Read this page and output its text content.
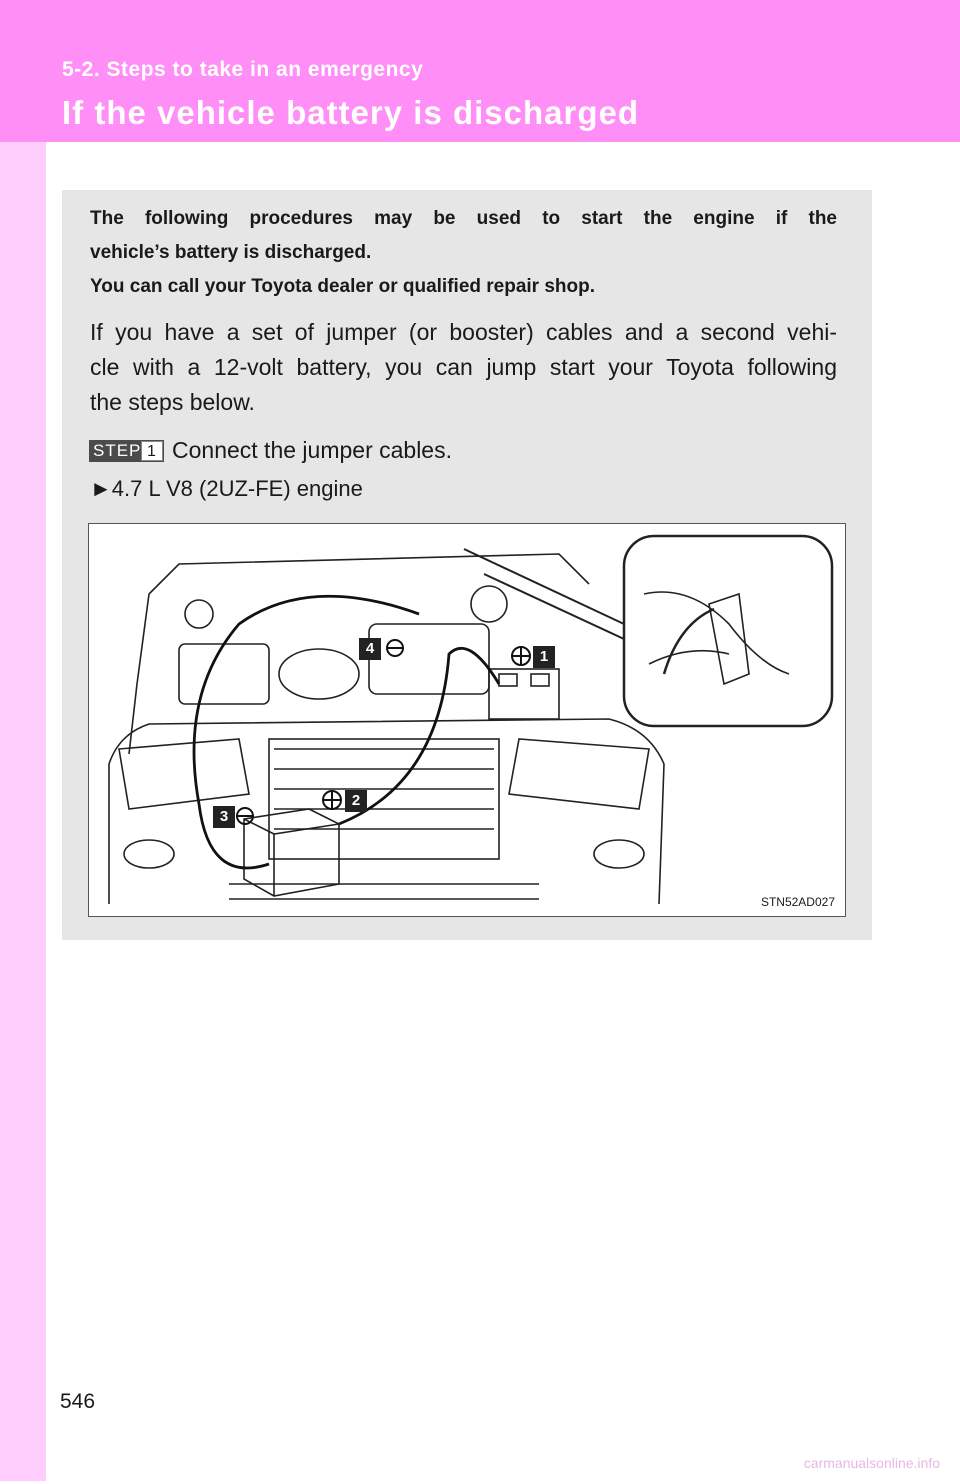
5-2. Steps to take in an emergency
If the vehicle battery is discharged
The following procedures may be used to start the engine if the
vehicle’s battery is discharged.
You can call your Toyota dealer or qualified repair shop.
If you have a set of jumper (or booster) cables and a second vehi-
cle with a 12-volt battery, you can jump start your Toyota following
the steps below.
STEP 1 Connect the jumper cables.
►4.7 L V8 (2UZ-FE) engine
4	1
2
3
STN52AD027
546
carmanualsonline.info
